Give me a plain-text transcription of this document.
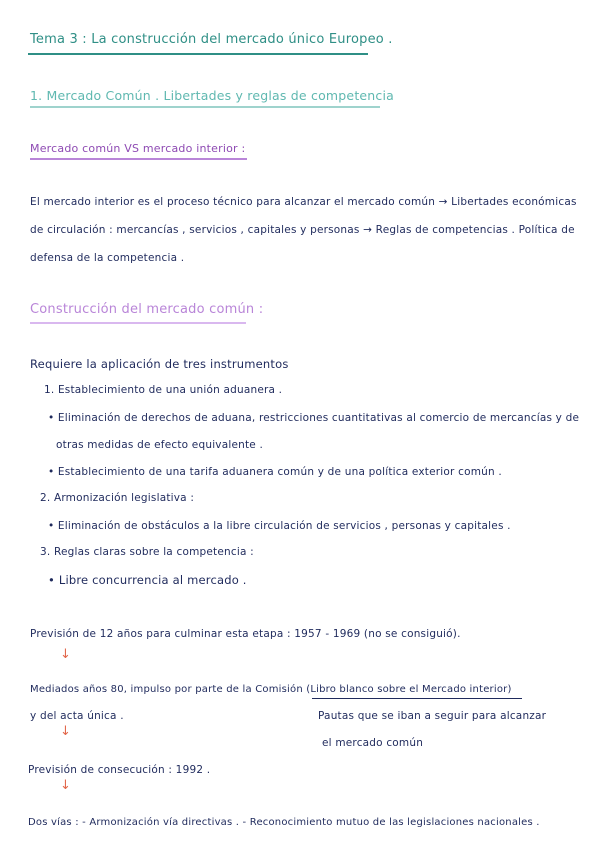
Tema 3 : La construcción del mercado único Europeo .
1. Mercado Común . Libertades y reglas de competencia
Mercado común VS mercado interior :
El mercado interior es el proceso técnico para alcanzar el mercado común → Libertades económicas
de circulación : mercancías , servicios , capitales y personas → Reglas de competencias . Política de
defensa de la competencia .
Construcción del mercado común :
Requiere la aplicación de tres instrumentos
1. Establecimiento de una unión aduanera .
• Eliminación de derechos de aduana, restricciones cuantitativas al comercio de mercancías y de
otras medidas de efecto equivalente .
• Establecimiento de una tarifa aduanera común y de una política exterior común .
2. Armonización legislativa :
• Eliminación de obstáculos a la libre circulación de servicios , personas y capitales .
3. Reglas claras sobre la competencia :
• Libre concurrencia al mercado .
Previsión de 12 años para culminar esta etapa : 1957 - 1969 (no se consiguió).
↓
Mediados años 80, impulso por parte de la Comisión (Libro blanco sobre el Mercado interior)
y del acta única .
↓
Pautas que se iban a seguir para alcanzar
el mercado común
Previsión de consecución : 1992 .
↓
Dos vías : - Armonización vía directivas . - Reconocimiento mutuo de las legislaciones nacionales .
